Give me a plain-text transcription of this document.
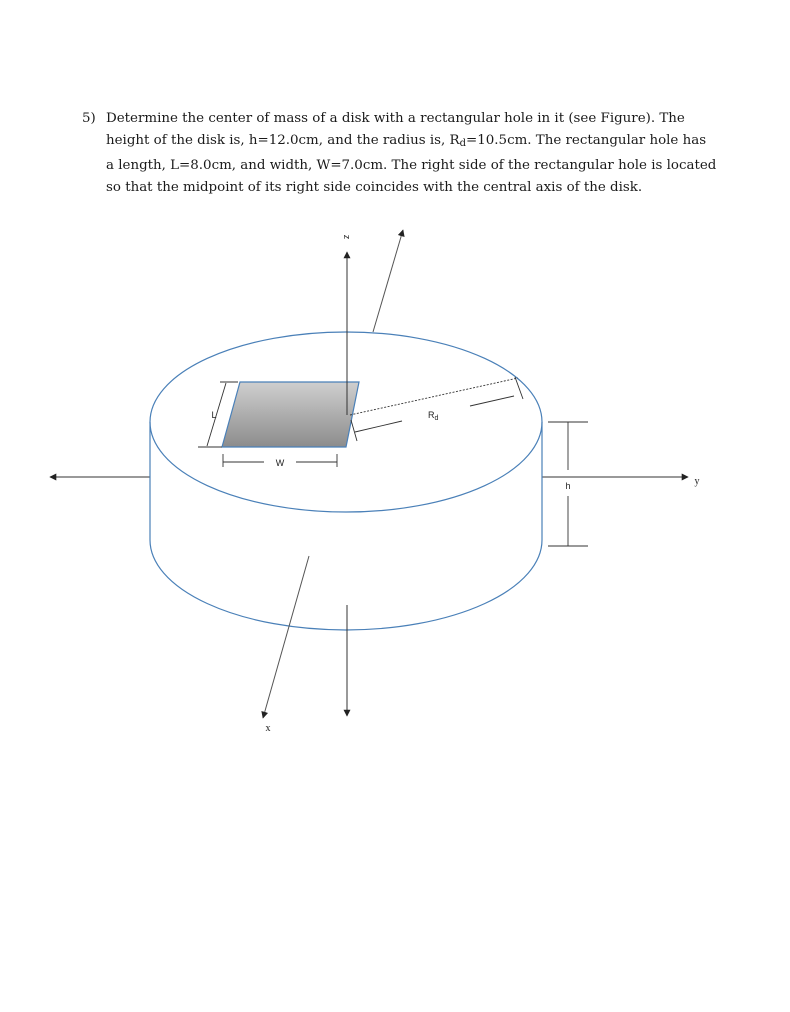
5) Determine the center of mass of a disk with a rectangular hole in it (see Figure). The

height of the disk is, h=12.0cm, and the radius is, $R_d=10.5cm$. The rectangular hole has

a length, L=8.0cm, and width, W=7.0cm. The right side of the rectangular hole is located

so that the midpoint of its right side coincides with the central axis of the disk.

z
x
y
L
W
$R_d$
h
